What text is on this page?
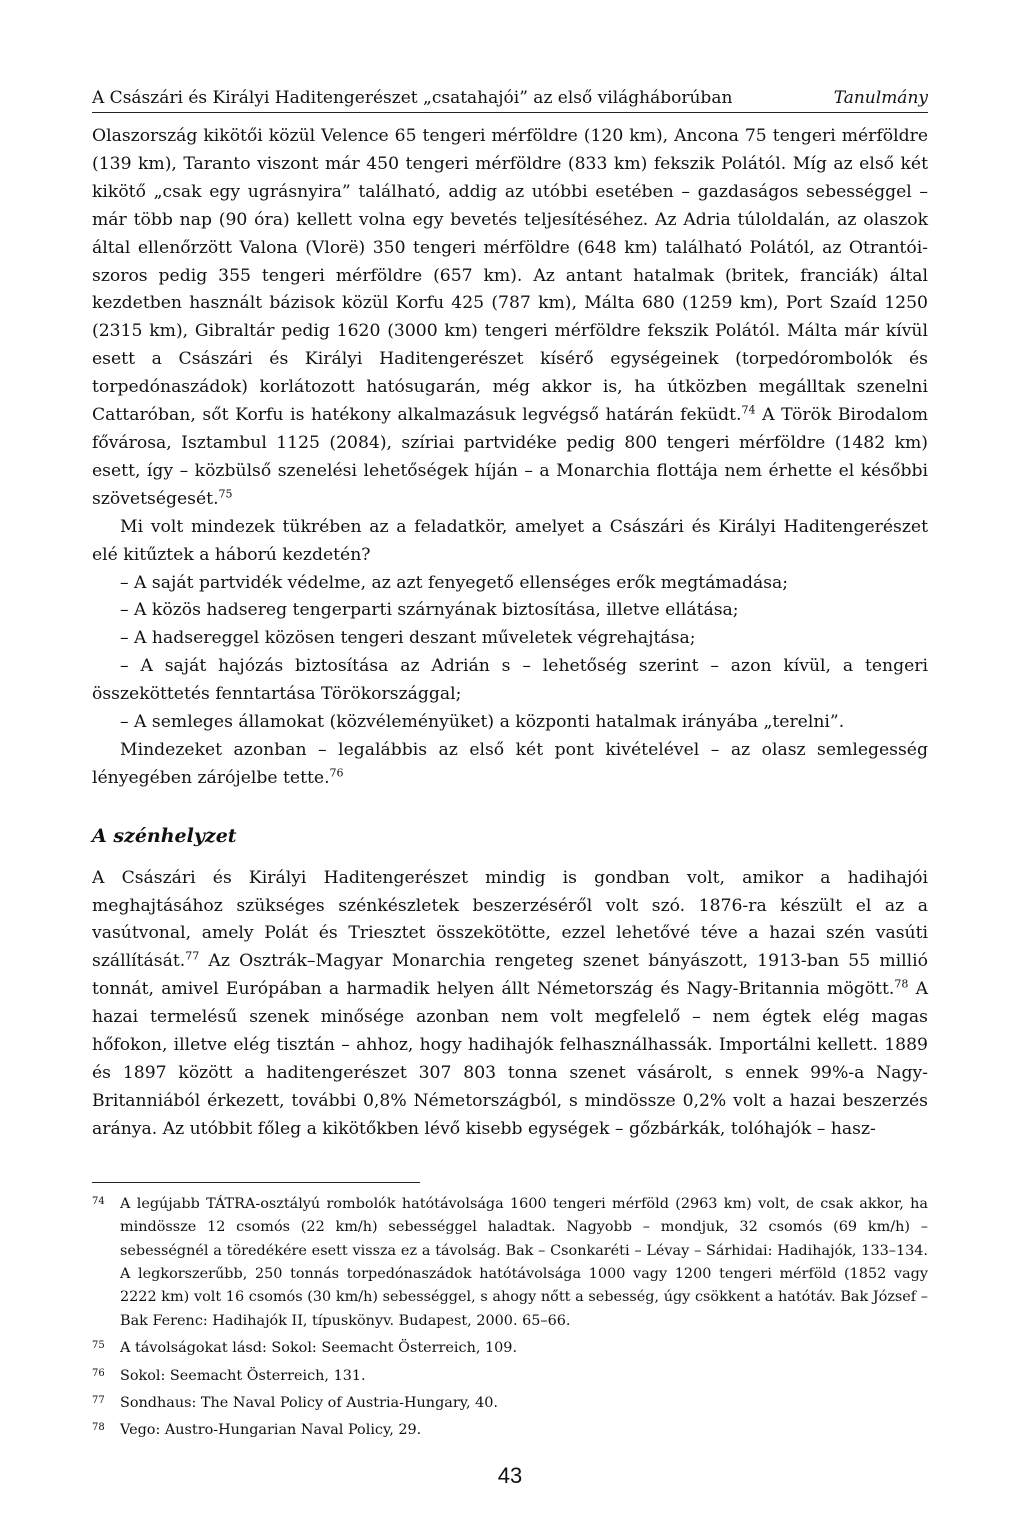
A Császári és Királyi Haditengerészet „csatahajói” az első világháborúban	Tanulmány

Olaszország kikötői közül Velence 65 tengeri mérföldre (120 km), Ancona 75 tengeri mérföldre (139 km), Taranto viszont már 450 tengeri mérföldre (833 km) fekszik Polától. Míg az első két kikötő „csak egy ugrásnyira” található, addig az utóbbi esetében – gazdaságos sebességgel – már több nap (90 óra) kellett volna egy bevetés teljesítéséhez. Az Adria túloldalán, az olaszok által ellenőrzött Valona (Vlorë) 350 tengeri mérföldre (648 km) található Polától, az Otrantói-szoros pedig 355 tengeri mérföldre (657 km). Az antant hatalmak (britek, franciák) által kezdetben használt bázisok közül Korfu 425 (787 km), Málta 680 (1259 km), Port Szaíd 1250 (2315 km), Gibraltár pedig 1620 (3000 km) tengeri mérföldre fekszik Polától. Málta már kívül esett a Császári és Királyi Haditengerészet kísérő egységeinek (torpedórombolók és torpedónaszádok) korlátozott hatósugarán, még akkor is, ha útközben megálltak szenelni Cattaróban, sőt Korfu is hatékony alkalmazásuk legvégső határán feküdt.$^{74}$ A Török Birodalom fővárosa, Isztambul 1125 (2084), szíriai partvidéke pedig 800 tengeri mérföldre (1482 km) esett, így – közbülső szenelési lehetőségek híján – a Monarchia flottája nem érhette el későbbi szövetségesét.$^{75}$

Mi volt mindezek tükrében az a feladatkör, amelyet a Császári és Királyi Haditengerészet elé kitűztek a háború kezdetén?

– A saját partvidék védelme, az azt fenyegető ellenséges erők megtámadása;

– A közös hadsereg tengerparti szárnyának biztosítása, illetve ellátása;

– A hadsereggel közösen tengeri deszant műveletek végrehajtása;

– A saját hajózás biztosítása az Adrián s – lehetőség szerint – azon kívül, a tengeri összeköttetés fenntartása Törökországgal;

– A semleges államokat (közvéleményüket) a központi hatalmak irányába „terelni”.

Mindezeket azonban – legalábbis az első két pont kivételével – az olasz semlegesség lényegében zárójelbe tette.$^{76}$

A szénhelyzet

A Császári és Királyi Haditengerészet mindig is gondban volt, amikor a hadihajói meghajtásához szükséges szénkészletek beszerzéséről volt szó. 1876-ra készült el az a vasútvonal, amely Polát és Triesztet összekötötte, ezzel lehetővé téve a hazai szén vasúti szállítását.$^{77}$ Az Osztrák–Magyar Monarchia rengeteg szenet bányászott, 1913-ban 55 millió tonnát, amivel Európában a harmadik helyen állt Németország és Nagy-Britannia mögött.$^{78}$ A hazai termelésű szenek minősége azonban nem volt megfelelő – nem égtek elég magas hőfokon, illetve elég tisztán – ahhoz, hogy hadihajók felhasználhassák. Importálni kellett. 1889 és 1897 között a haditengerészet 307 803 tonna szenet vásárolt, s ennek 99%-a Nagy-Britanniából érkezett, további 0,8% Németországból, s mindössze 0,2% volt a hazai beszerzés aránya. Az utóbbit főleg a kikötőkben lévő kisebb egységek – gőzbárkák, tolóhajók – hasz-

74	A legújabb TÁTRA-osztályú rombolók hatótávolsága 1600 tengeri mérföld (2963 km) volt, de csak akkor, ha mindössze 12 csomós (22 km/h) sebességgel haladtak. Nagyobb – mondjuk, 32 csomós (69 km/h) – sebességnél a töredékére esett vissza ez a távolság. Bak – Csonkaréti – Lévay – Sárhidai: Hadihajók, 133–134. A legkorszerűbb, 250 tonnás torpedónaszádok hatótávolsága 1000 vagy 1200 tengeri mérföld (1852 vagy 2222 km) volt 16 csomós (30 km/h) sebességgel, s ahogy nőtt a sebesség, úgy csökkent a hatótáv. Bak József – Bak Ferenc: Hadihajók II, típuskönyv. Budapest, 2000. 65–66.
75	A távolságokat lásd: Sokol: Seemacht Österreich, 109.
76	Sokol: Seemacht Österreich, 131.
77	Sondhaus: The Naval Policy of Austria-Hungary, 40.
78	Vego: Austro-Hungarian Naval Policy, 29.
43
